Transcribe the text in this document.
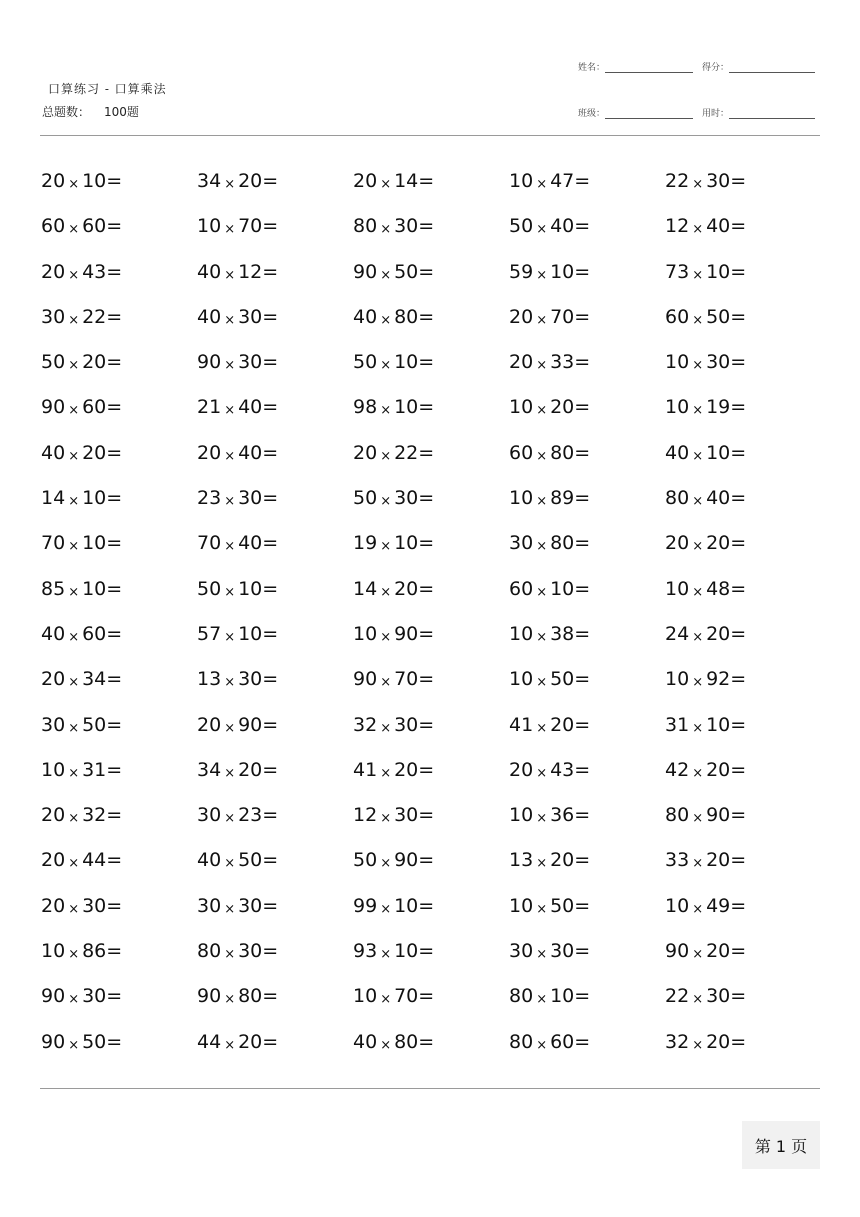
口算练习 - 口算乘法
总题数： 100题
姓名：	得分：
班级：	用时：
20 × 10=	34 × 20=	20 × 14=	10 × 47=	22 × 30=
60 × 60=	10 × 70=	80 × 30=	50 × 40=	12 × 40=
20 × 43=	40 × 12=	90 × 50=	59 × 10=	73 × 10=
30 × 22=	40 × 30=	40 × 80=	20 × 70=	60 × 50=
50 × 20=	90 × 30=	50 × 10=	20 × 33=	10 × 30=
90 × 60=	21 × 40=	98 × 10=	10 × 20=	10 × 19=
40 × 20=	20 × 40=	20 × 22=	60 × 80=	40 × 10=
14 × 10=	23 × 30=	50 × 30=	10 × 89=	80 × 40=
70 × 10=	70 × 40=	19 × 10=	30 × 80=	20 × 20=
85 × 10=	50 × 10=	14 × 20=	60 × 10=	10 × 48=
40 × 60=	57 × 10=	10 × 90=	10 × 38=	24 × 20=
20 × 34=	13 × 30=	90 × 70=	10 × 50=	10 × 92=
30 × 50=	20 × 90=	32 × 30=	41 × 20=	31 × 10=
10 × 31=	34 × 20=	41 × 20=	20 × 43=	42 × 20=
20 × 32=	30 × 23=	12 × 30=	10 × 36=	80 × 90=
20 × 44=	40 × 50=	50 × 90=	13 × 20=	33 × 20=
20 × 30=	30 × 30=	99 × 10=	10 × 50=	10 × 49=
10 × 86=	80 × 30=	93 × 10=	30 × 30=	90 × 20=
90 × 30=	90 × 80=	10 × 70=	80 × 10=	22 × 30=
90 × 50=	44 × 20=	40 × 80=	80 × 60=	32 × 20=
第 1 页
